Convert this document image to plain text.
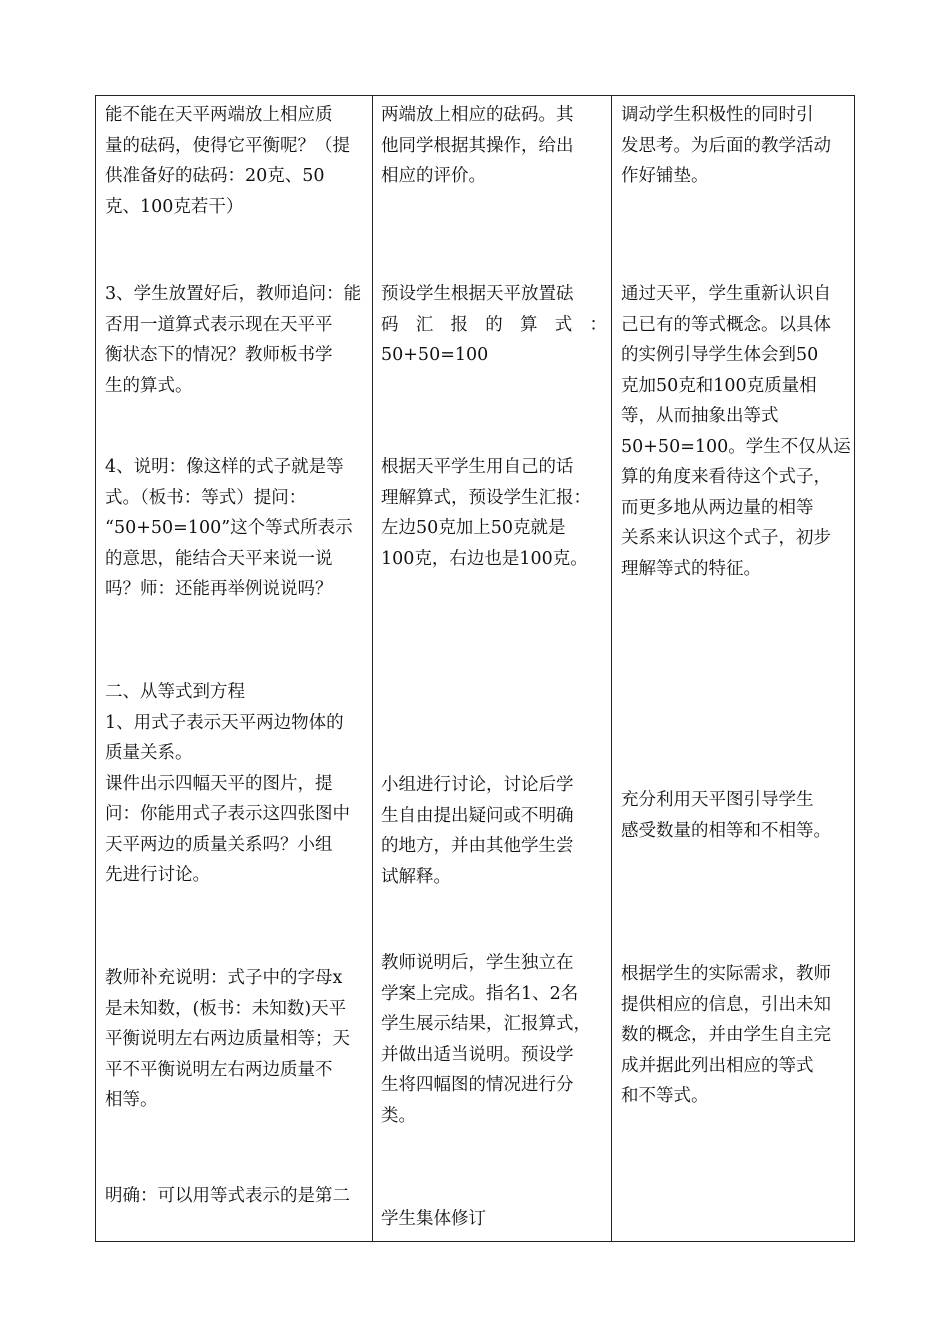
能不能在天平两端放上相应质
量的砝码，使得它平衡呢？（提
供准备好的砝码：20克、50
克、100克若干）

3、学生放置好后，教师追问：能
否用一道算式表示现在天平平
衡状态下的情况？教师板书学
生的算式。

4、说明：像这样的式子就是等
式。（板书：等式）提问：
“50+50=100”这个等式所表示
的意思，能结合天平来说一说
吗？师：还能再举例说说吗？

二、从等式到方程
1、用式子表示天平两边物体的
质量关系。
课件出示四幅天平的图片，提
问：你能用式子表示这四张图中
天平两边的质量关系吗？小组
先进行讨论。

教师补充说明：式子中的字母x
是未知数，(板书：未知数)天平
平衡说明左右两边质量相等；天
平不平衡说明左右两边质量不
相等。

明确：可以用等式表示的是第二

两端放上相应的砝码。其
他同学根据其操作，给出
相应的评价。

预设学生根据天平放置砝
码汇报的算式：50+50=100

根据天平学生用自己的话
理解算式，预设学生汇报：
左边50克加上50克就是
100克，右边也是100克。

小组进行讨论，讨论后学
生自由提出疑问或不明确
的地方，并由其他学生尝
试解释。

教师说明后，学生独立在
学案上完成。指名1、2名
学生展示结果，汇报算式，
并做出适当说明。预设学
生将四幅图的情况进行分
类。

学生集体修订

调动学生积极性的同时引
发思考。为后面的教学活动
作好铺垫。

通过天平，学生重新认识自
己已有的等式概念。以具体
的实例引导学生体会到50
克加50克和100克质量相
等，从而抽象出等式
50+50=100。学生不仅从运
算的角度来看待这个式子，
而更多地从两边量的相等
关系来认识这个式子，初步
理解等式的特征。

充分利用天平图引导学生
感受数量的相等和不相等。

根据学生的实际需求，教师
提供相应的信息，引出未知
数的概念，并由学生自主完
成并据此列出相应的等式
和不等式。
